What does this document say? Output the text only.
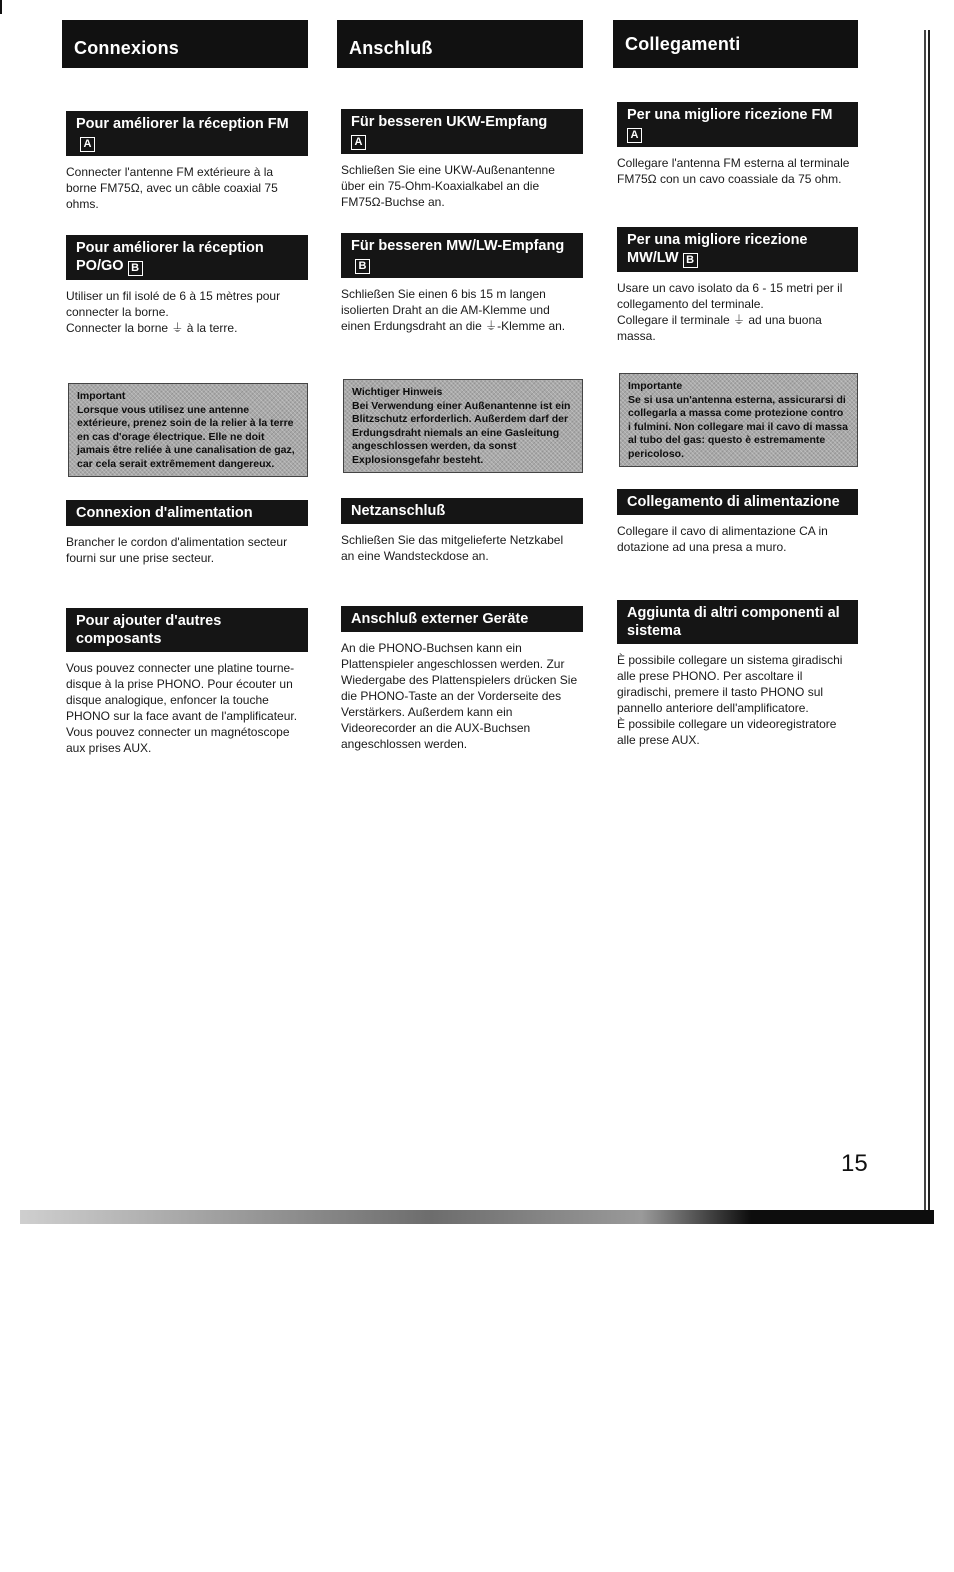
Connexions
Pour améliorer la réception FMA

Connecter l'antenne FM extérieure à la borne FM75Ω, avec un câble coaxial 75 ohms.

Pour améliorer la réception PO/GO B

Utiliser un fil isolé de 6 à 15 mètres pour connecter la borne.

Connecter la borne ⏚ à la terre.

Important
Lorsque vous utilisez une antenne extérieure, prenez soin de la relier à la terre en cas d'orage électrique. Elle ne doit jamais être reliée à une canalisation de gaz, car cela serait extrêmement dangereux.
Connexion d'alimentation

Brancher le cordon d'alimentation secteur fourni sur une prise secteur.

Pour ajouter d'autres composants

Vous pouvez connecter une platine tourne-disque à la prise PHONO. Pour écouter un disque analogique, enfoncer la touche PHONO sur la face avant de l'amplificateur. Vous pouvez connecter un magnétoscope aux prises AUX.

Anschluß
Für besseren UKW-Empfang
A

Schließen Sie eine UKW-Außenantenne über ein 75-Ohm-Koaxialkabel an die FM75Ω-Buchse an.

Für besseren MW/LW-EmpfangB

Schließen Sie einen 6 bis 15 m langen isolierten Draht an die AM-Klemme und einen Erdungsdraht an die ⏚-Klemme an.

Wichtiger Hinweis
Bei Verwendung einer Außenantenne ist ein Blitzschutz erforderlich. Außerdem darf der Erdungsdraht niemals an eine Gasleitung angeschlossen werden, da sonst Explosionsgefahr besteht.
Netzanschluß

Schließen Sie das mitgelieferte Netzkabel an eine Wandsteckdose an.

Anschluß externer Geräte

An die PHONO-Buchsen kann ein Plattenspieler angeschlossen werden. Zur Wiedergabe des Plattenspielers drücken Sie die PHONO-Taste an der Vorderseite des Verstärkers. Außerdem kann ein Videorecorder an die AUX-Buchsen angeschlossen werden.

Collegamenti
Per una migliore ricezione FM
A

Collegare l'antenna FM esterna al terminale FM75Ω con un cavo coassiale da 75 ohm.

Per una migliore ricezione MW/LW B

Usare un cavo isolato da 6 - 15 metri per il collegamento del terminale.

Collegare il terminale ⏚ ad una buona massa.

Importante
Se si usa un'antenna esterna, assicurarsi di collegarla a massa come protezione contro i fulmini. Non collegare mai il cavo di massa al tubo del gas: questo è estremamente pericoloso.
Collegamento di alimentazione

Collegare il cavo di alimentazione CA in dotazione ad una presa a muro.

Aggiunta di altri componenti al sistema

È possibile collegare un sistema giradischi alle prese PHONO. Per ascoltare il giradischi, premere il tasto PHONO sul pannello anteriore dell'amplificatore.

È possibile collegare un videoregistratore alle prese AUX.

15
